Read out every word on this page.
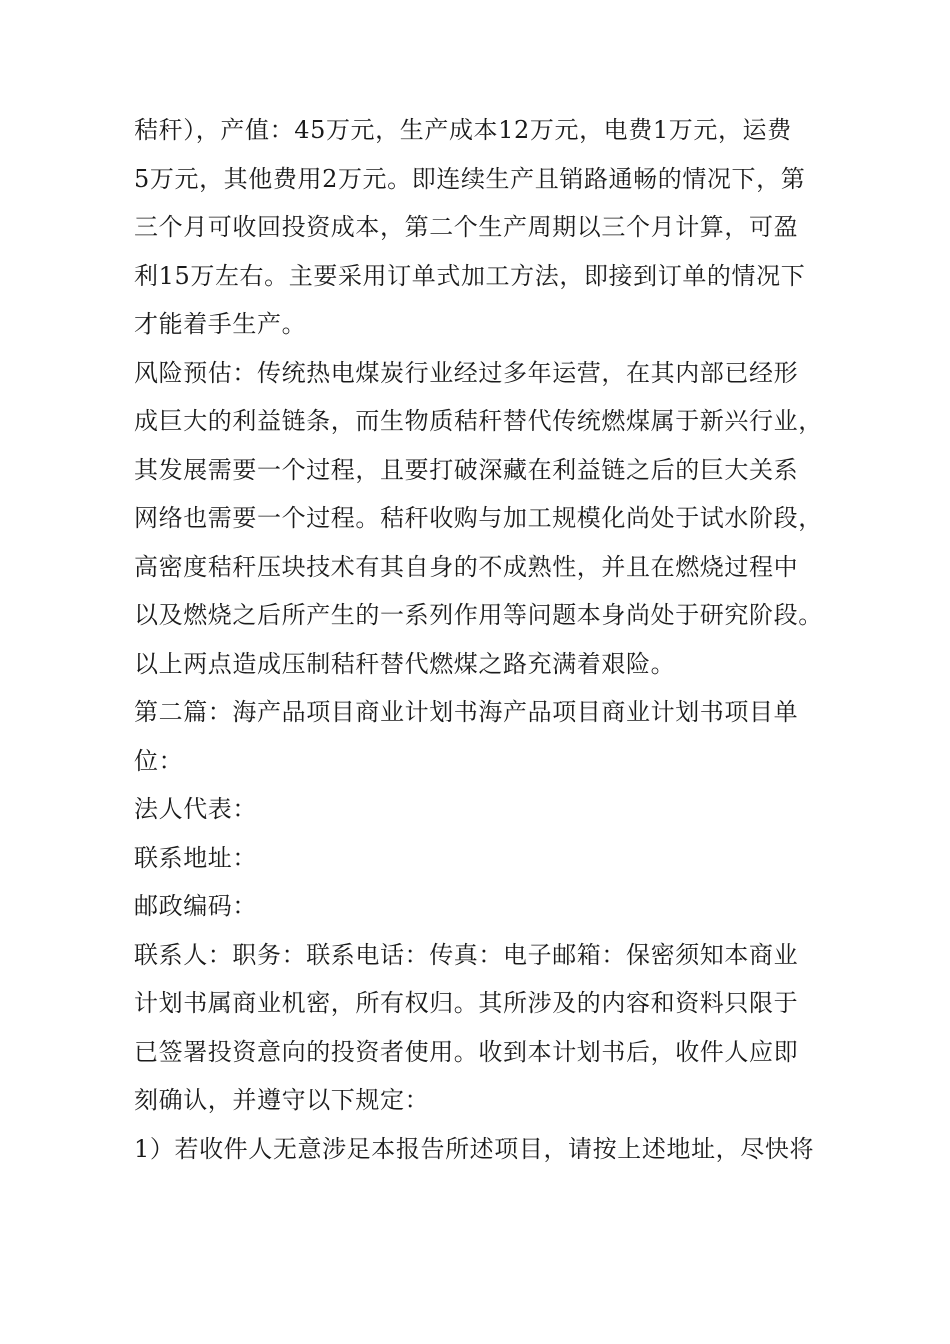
秸秆），产值：45万元，生产成本12万元，电费1万元，运费
5万元，其他费用2万元。即连续生产且销路通畅的情况下，第
三个月可收回投资成本，第二个生产周期以三个月计算，可盈
利15万左右。主要采用订单式加工方法，即接到订单的情况下
才能着手生产。

风险预估：传统热电煤炭行业经过多年运营，在其内部已经形
成巨大的利益链条，而生物质秸秆替代传统燃煤属于新兴行业，
其发展需要一个过程，且要打破深藏在利益链之后的巨大关系
网络也需要一个过程。秸秆收购与加工规模化尚处于试水阶段，
高密度秸秆压块技术有其自身的不成熟性，并且在燃烧过程中
以及燃烧之后所产生的一系列作用等问题本身尚处于研究阶段。
以上两点造成压制秸秆替代燃煤之路充满着艰险。

第二篇：海产品项目商业计划书海产品项目商业计划书项目单
位：

法人代表：

联系地址：

邮政编码：

联系人：职务：联系电话：传真：电子邮箱：保密须知本商业
计划书属商业机密，所有权归。其所涉及的内容和资料只限于
已签署投资意向的投资者使用。收到本计划书后，收件人应即
刻确认，并遵守以下规定：

1）若收件人无意涉足本报告所述项目，请按上述地址，尽快将
